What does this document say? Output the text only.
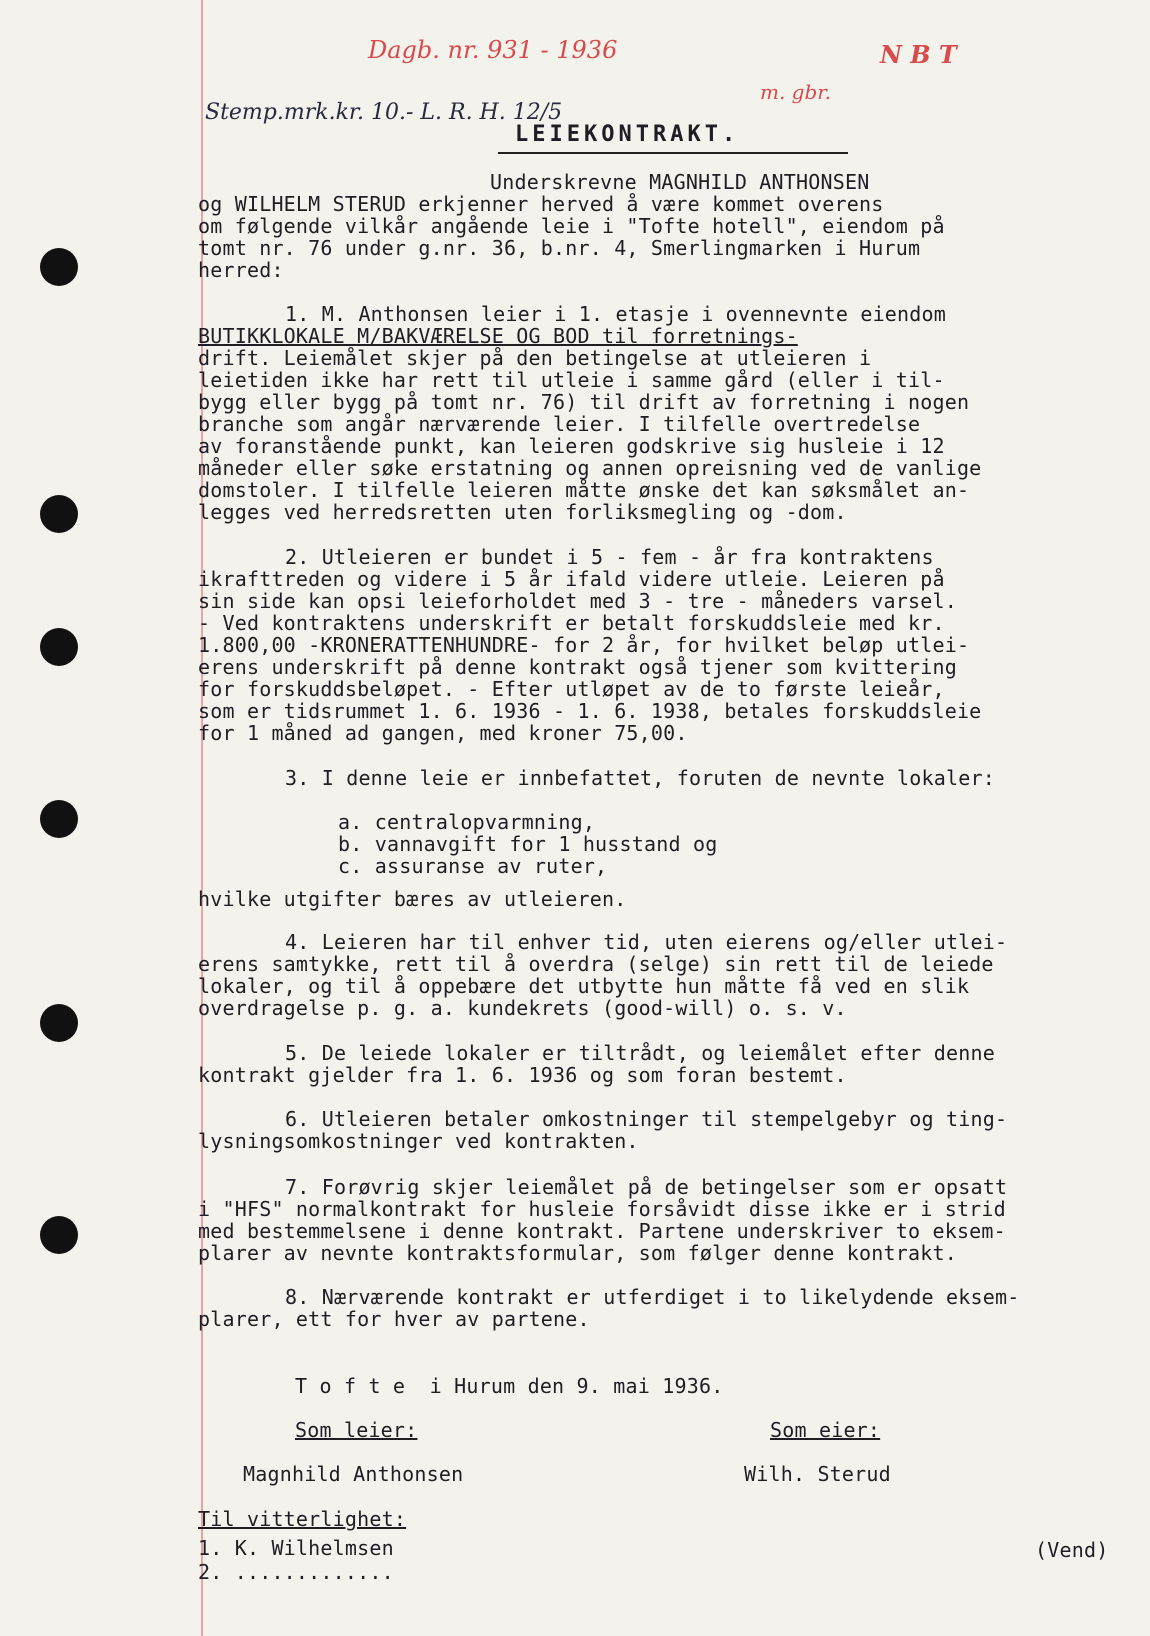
Dagb. nr. 931 - 1936	N B T
m. gbr.
Stemp.mrk.kr. 10.- L. R. H. 12/5
LEIEKONTRAKT.
Underskrevne MAGNHILD ANTHONSEN
og WILHELM STERUD erkjenner herved å være kommet overens
om følgende vilkår angående leie i "Tofte hotell", eiendom på
tomt nr. 76 under g.nr. 36, b.nr. 4, Smerlingmarken i Hurum
herred:
1. M. Anthonsen leier i 1. etasje i ovennevnte eiendom
BUTIKKLOKALE M/BAKVÆRELSE OG BOD til forretnings-
drift. Leiemålet skjer på den betingelse at utleieren i
leietiden ikke har rett til utleie i samme gård (eller i til-
bygg eller bygg på tomt nr. 76) til drift av forretning i nogen
branche som angår nærværende leier. I tilfelle overtredelse
av foranstående punkt, kan leieren godskrive sig husleie i 12
måneder eller søke erstatning og annen opreisning ved de vanlige
domstoler. I tilfelle leieren måtte ønske det kan søksmålet an-
legges ved herredsretten uten forliksmegling og -dom.
2. Utleieren er bundet i 5 - fem - år fra kontraktens
ikrafttreden og videre i 5 år ifald videre utleie. Leieren på
sin side kan opsi leieforholdet med 3 - tre - måneders varsel.
- Ved kontraktens underskrift er betalt forskuddsleie med kr.
1.800,00 -KRONERATTENHUNDRE- for 2 år, for hvilket beløp utlei-
erens underskrift på denne kontrakt også tjener som kvittering
for forskuddsbeløpet. - Efter utløpet av de to første leieår,
som er tidsrummet 1. 6. 1936 - 1. 6. 1938, betales forskuddsleie
for 1 måned ad gangen, med kroner 75,00.
3. I denne leie er innbefattet, foruten de nevnte lokaler:
a. centralopvarmning,
b. vannavgift for 1 husstand og
c. assuranse av ruter,
hvilke utgifter bæres av utleieren.
4. Leieren har til enhver tid, uten eierens og/eller utlei-
erens samtykke, rett til å overdra (selge) sin rett til de leiede
lokaler, og til å oppebære det utbytte hun måtte få ved en slik
overdragelse p. g. a. kundekrets (good-will) o. s. v.
5. De leiede lokaler er tiltrådt, og leiemålet efter denne
kontrakt gjelder fra 1. 6. 1936 og som foran bestemt.
6. Utleieren betaler omkostninger til stempelgebyr og ting-
lysningsomkostninger ved kontrakten.
7. Forøvrig skjer leiemålet på de betingelser som er opsatt
i "HFS" normalkontrakt for husleie forsåvidt disse ikke er i strid
med bestemmelsene i denne kontrakt. Partene underskriver to eksem-
plarer av nevnte kontraktsformular, som følger denne kontrakt.
8. Nærværende kontrakt er utferdiget i to likelydende eksem-
plarer, ett for hver av partene.
T o f t e  i Hurum den 9. mai 1936.
Som leier:	Som eier:
Magnhild Anthonsen	Wilh. Sterud
Til vitterlighet:
1. K. Wilhelmsen
2. .............
(Vend)
